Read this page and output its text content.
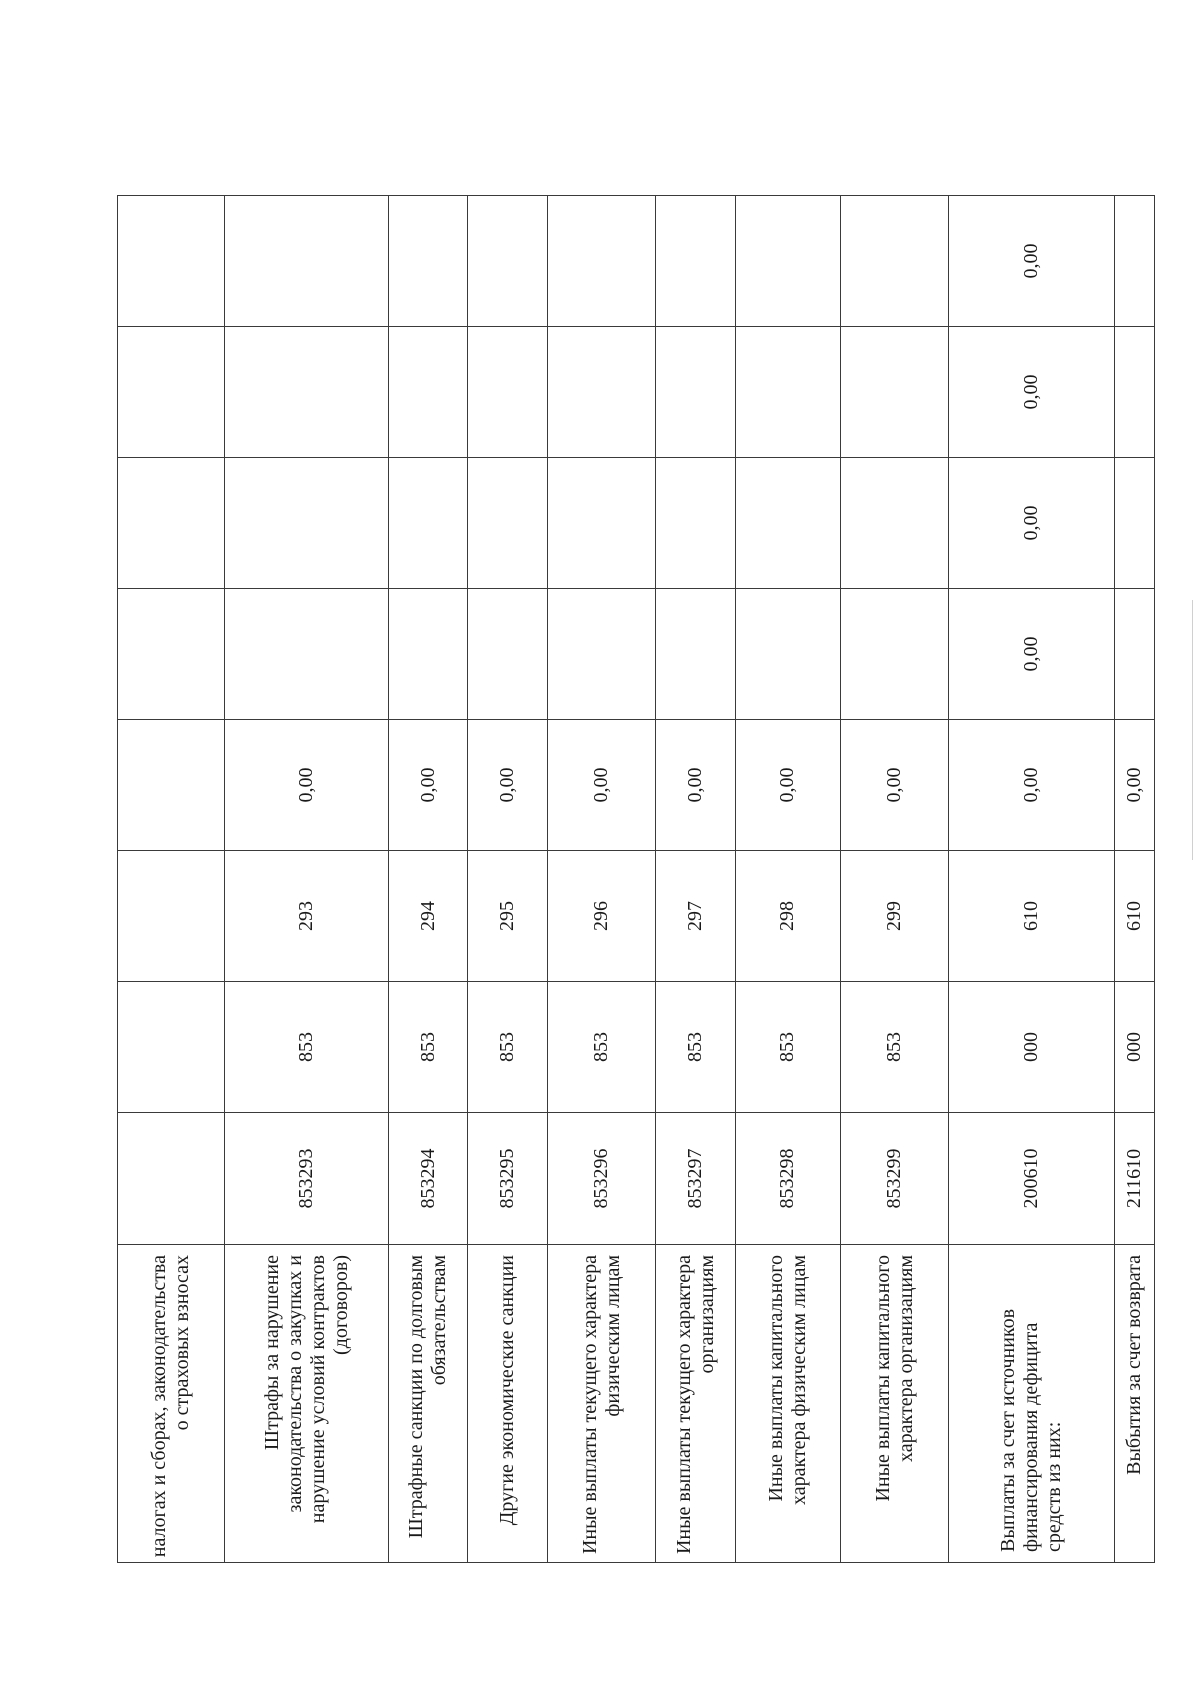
налогах и сборах, законодательства о страховых взносах								
Штрафы за нарушение законодательства о закупках и нарушение условий контрактов (договоров)	853293	853	293	0,00				
Штрафные санкции по долговым обязательствам	853294	853	294	0,00				
Другие экономические санкции	853295	853	295	0,00				
Иные выплаты текущего характера физическим лицам	853296	853	296	0,00				
Иные выплаты текущего характера организациям	853297	853	297	0,00				
Иные выплаты капитального характера физическим лицам	853298	853	298	0,00				
Иные выплаты капитального характера организациям	853299	853	299	0,00				
Выплаты за счет источников финансирования дефицита средств из них:	200610	000	610	0,00	0,00	0,00	0,00	0,00
Выбытия за счет возврата	211610	000	610	0,00				
